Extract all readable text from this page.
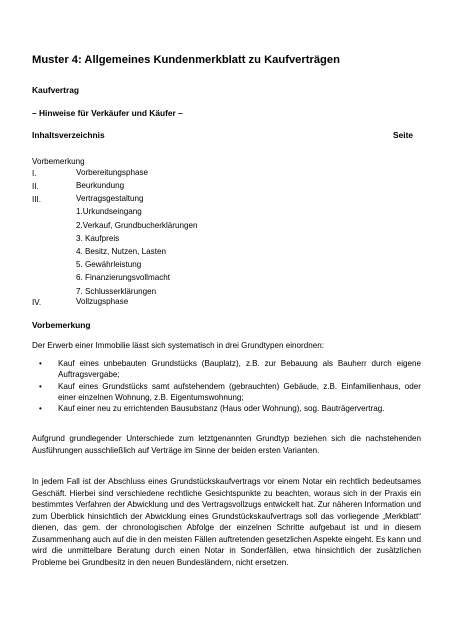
Muster 4: Allgemeines Kundenmerkblatt zu Kaufverträgen
Kaufvertrag
– Hinweise für Verkäufer und Käufer –
Inhaltsverzeichnis	Seite
Vorbemerkung
I.	Vorbereitungsphase
II.	Beurkundung
III.	Vertragsgestaltung
1.Urkundseingang
2.Verkauf, Grundbucherklärungen
3. Kaufpreis
4. Besitz, Nutzen, Lasten
5. Gewährleistung
6. Finanzierungsvollmacht
7. Schlusserklärungen
IV.	Vollzugsphase
Vorbemerkung
Der Erwerb einer Immobilie lässt sich systematisch in drei Grundtypen einordnen:
• Kauf eines unbebauten Grundstücks (Bauplatz), z.B. zur Bebauung als Bauherr durch eigene Auftragsvergabe;
• Kauf eines Grundstücks samt aufstehendem (gebrauchten) Gebäude, z.B. Einfamilienhaus, oder einer einzelnen Wohnung, z.B. Eigentumswohnung;
• Kauf einer neu zu errichtenden Bausubstanz (Haus oder Wohnung), sog. Bauträgervertrag.
Aufgrund grundlegender Unterschiede zum letztgenannten Grundtyp beziehen sich die nachstehenden Ausführungen ausschließlich auf Verträge im Sinne der beiden ersten Varianten.
In jedem Fall ist der Abschluss eines Grundstückskaufvertrags vor einem Notar ein rechtlich bedeutsames Geschäft. Hierbei sind verschiedene rechtliche Gesichtspunkte zu beachten, woraus sich in der Praxis ein bestimmtes Verfahren der Abwicklung und des Vertragsvollzugs entwickelt hat. Zur näheren Information und zum Überblick hinsichtlich der Abwicklung eines Grundstückskaufvertrags soll das vorliegende „Merkblatt“ dienen, das gem. der chronologischen Abfolge der einzelnen Schritte aufgebaut ist und in diesem Zusammenhang auch auf die in den meisten Fällen auftretenden gesetzlichen Aspekte eingeht. Es kann und wird die unmittelbare Beratung durch einen Notar in Sonderfällen, etwa hinsichtlich der zusätzlichen Probleme bei Grundbesitz in den neuen Bundesländern, nicht ersetzen.
